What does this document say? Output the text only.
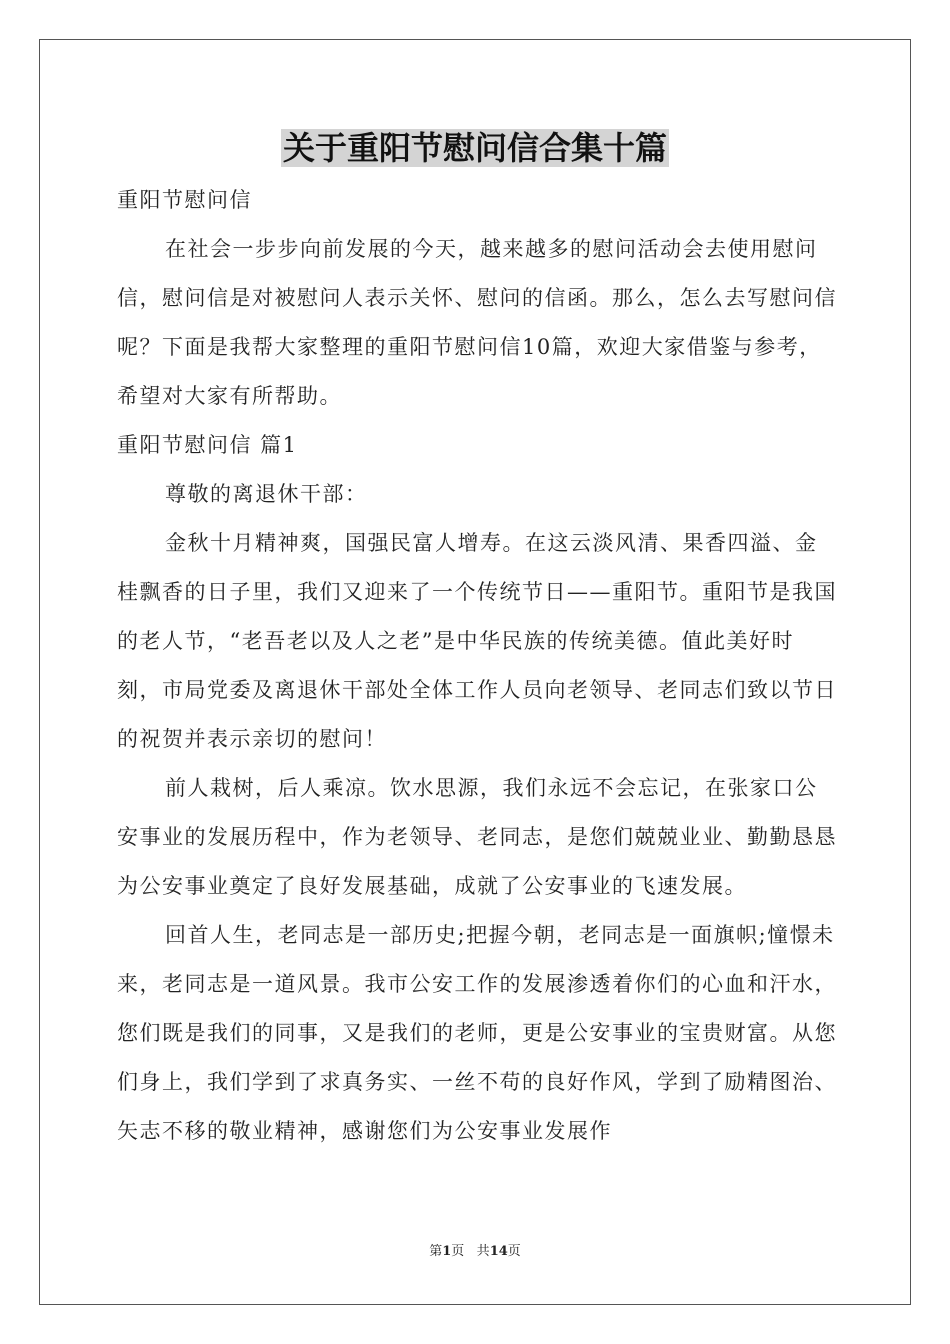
关于重阳节慰问信合集十篇

重阳节慰问信

在社会一步步向前发展的今天，越来越多的慰问活动会去使用慰问信，慰问信是对被慰问人表示关怀、慰问的信函。那么，怎么去写慰问信呢？下面是我帮大家整理的重阳节慰问信10篇，欢迎大家借鉴与参考，希望对大家有所帮助。

重阳节慰问信 篇1

尊敬的离退休干部：

金秋十月精神爽，国强民富人增寿。在这云淡风清、果香四溢、金桂飘香的日子里，我们又迎来了一个传统节日——重阳节。重阳节是我国的老人节，“老吾老以及人之老”是中华民族的传统美德。值此美好时刻，市局党委及离退休干部处全体工作人员向老领导、老同志们致以节日的祝贺并表示亲切的慰问！

前人栽树，后人乘凉。饮水思源，我们永远不会忘记，在张家口公安事业的发展历程中，作为老领导、老同志，是您们兢兢业业、勤勤恳恳为公安事业奠定了良好发展基础，成就了公安事业的飞速发展。

回首人生，老同志是一部历史;把握今朝，老同志是一面旗帜;憧憬未来，老同志是一道风景。我市公安工作的发展渗透着你们的心血和汗水，您们既是我们的同事，又是我们的老师，更是公安事业的宝贵财富。从您们身上，我们学到了求真务实、一丝不苟的良好作风，学到了励精图治、矢志不移的敬业精神，感谢您们为公安事业发展作

第1页 共14页
